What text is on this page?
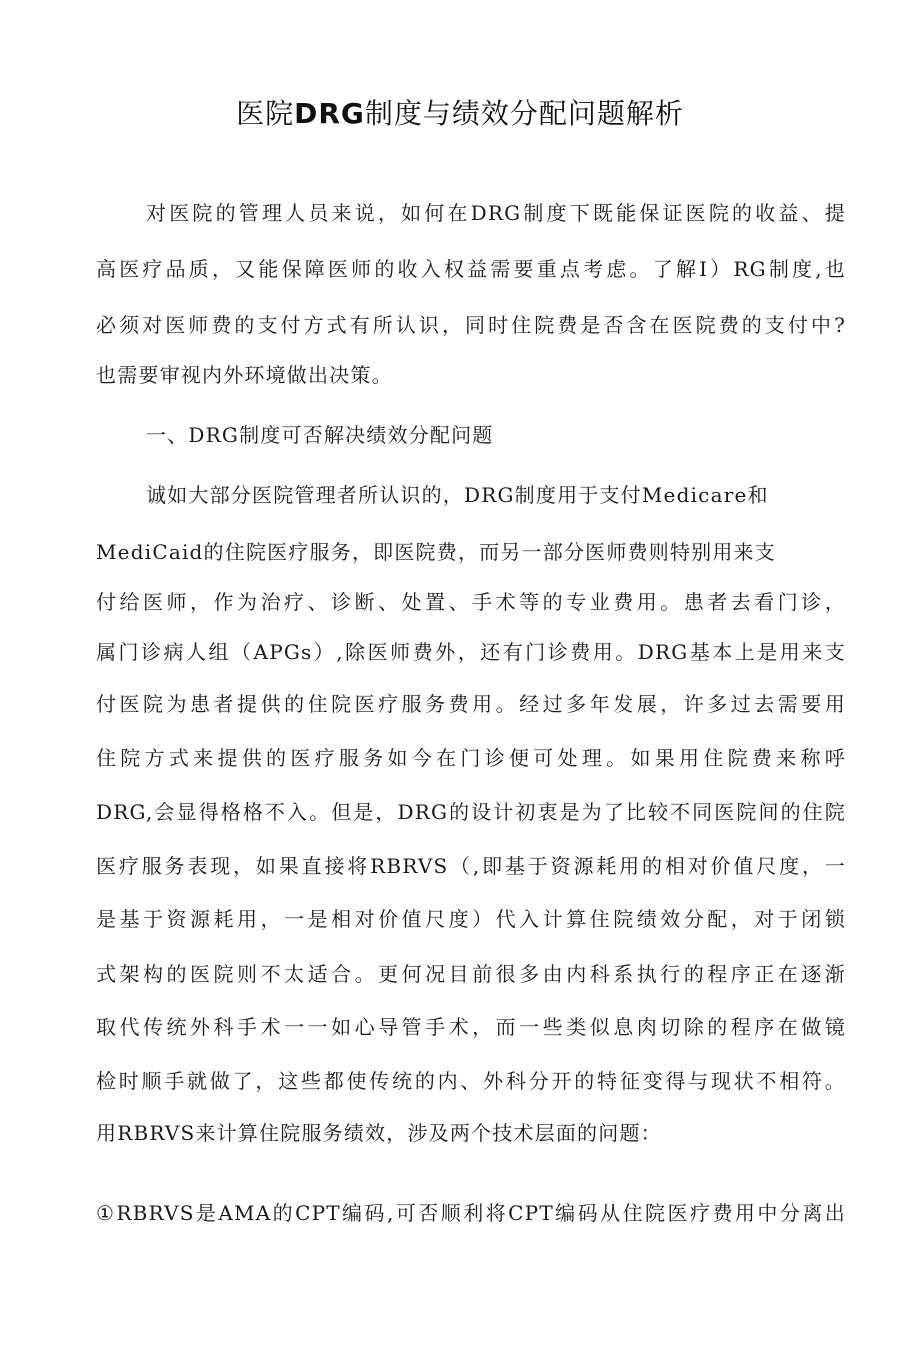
医院DRG制度与绩效分配问题解析
对医院的管理人员来说，如何在DRG制度下既能保证医院的收益、提
高医疗品质，又能保障医师的收入权益需要重点考虑。了解I）RG制度,也
必须对医师费的支付方式有所认识，同时住院费是否含在医院费的支付中?
也需要审视内外环境做出决策。
一、DRG制度可否解决绩效分配问题
诚如大部分医院管理者所认识的，DRG制度用于支付Medicare和
MediCaid的住院医疗服务，即医院费，而另一部分医师费则特别用来支
付给医师，作为治疗、诊断、处置、手术等的专业费用。患者去看门诊，
属门诊病人组（APGs）,除医师费外，还有门诊费用。DRG基本上是用来支
付医院为患者提供的住院医疗服务费用。经过多年发展，许多过去需要用
住院方式来提供的医疗服务如今在门诊便可处理。如果用住院费来称呼
DRG,会显得格格不入。但是，DRG的设计初衷是为了比较不同医院间的住院
医疗服务表现，如果直接将RBRVS（,即基于资源耗用的相对价值尺度，一
是基于资源耗用，一是相对价值尺度）代入计算住院绩效分配，对于闭锁
式架构的医院则不太适合。更何况目前很多由内科系执行的程序正在逐渐
取代传统外科手术一一如心导管手术，而一些类似息肉切除的程序在做镜
检时顺手就做了，这些都使传统的内、外科分开的特征变得与现状不相符。
用RBRVS来计算住院服务绩效，涉及两个技术层面的问题：
①RBRVS是AMA的CPT编码,可否顺利将CPT编码从住院医疗费用中分离出
